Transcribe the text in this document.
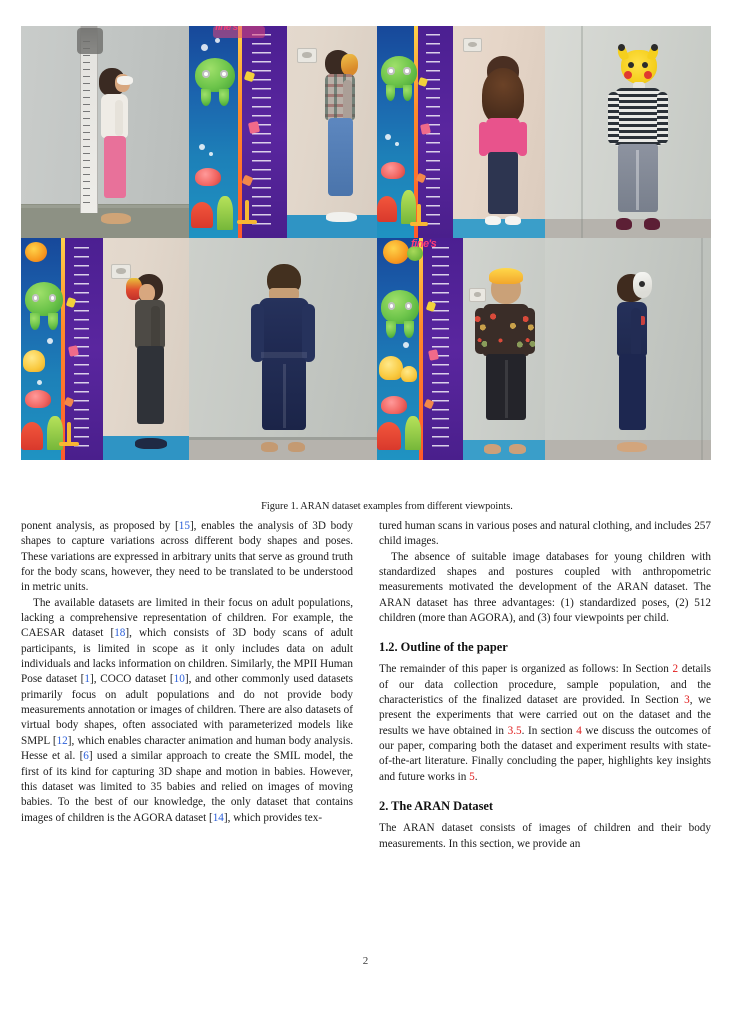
Figure 1. ARAN dataset examples from different viewpoints.

ponent analysis, as proposed by [15], enables the analysis of 3D body shapes to capture variations across different body shapes and poses. These variations are expressed in arbitrary units that serve as ground truth for the body scans, however, they need to be translated to be understood in metric units.

The available datasets are limited in their focus on adult populations, lacking a comprehensive representation of children. For example, the CAESAR dataset [18], which consists of 3D body scans of adult participants, is limited in scope as it only includes data on adult individuals and lacks information on children. Similarly, the MPII Human Pose dataset [1], COCO dataset [10], and other commonly used datasets primarily focus on adult populations and do not provide body measurements annotation or images of children. There are also datasets of virtual body shapes, often associated with parameterized models like SMPL [12], which enables character animation and human body analysis. Hesse et al. [6] used a similar approach to create the SMIL model, the first of its kind for capturing 3D shape and motion in babies. However, this dataset was limited to 35 babies and relied on images of moving babies. To the best of our knowledge, the only dataset that contains images of children is the AGORA dataset [14], which provides tex-

tured human scans in various poses and natural clothing, and includes 257 child images.

The absence of suitable image databases for young children with standardized shapes and postures coupled with anthropometric measurements motivated the development of the ARAN dataset. The ARAN dataset has three advantages: (1) standardized poses, (2) 512 children (more than AGORA), and (3) four viewpoints per child.

1.2. Outline of the paper

The remainder of this paper is organized as follows: In Section 2 details of our data collection procedure, sample population, and the characteristics of the finalized dataset are provided. In Section 3, we present the experiments that were carried out on the dataset and the results we have obtained in 3.5. In section 4 we discuss the outcomes of our paper, comparing both the dataset and experiment results with state-of-the-art literature. Finally concluding the paper, highlights key insights and future works in 5.

2. The ARAN Dataset

The ARAN dataset consists of images of children and their body measurements. In this section, we provide an

2
